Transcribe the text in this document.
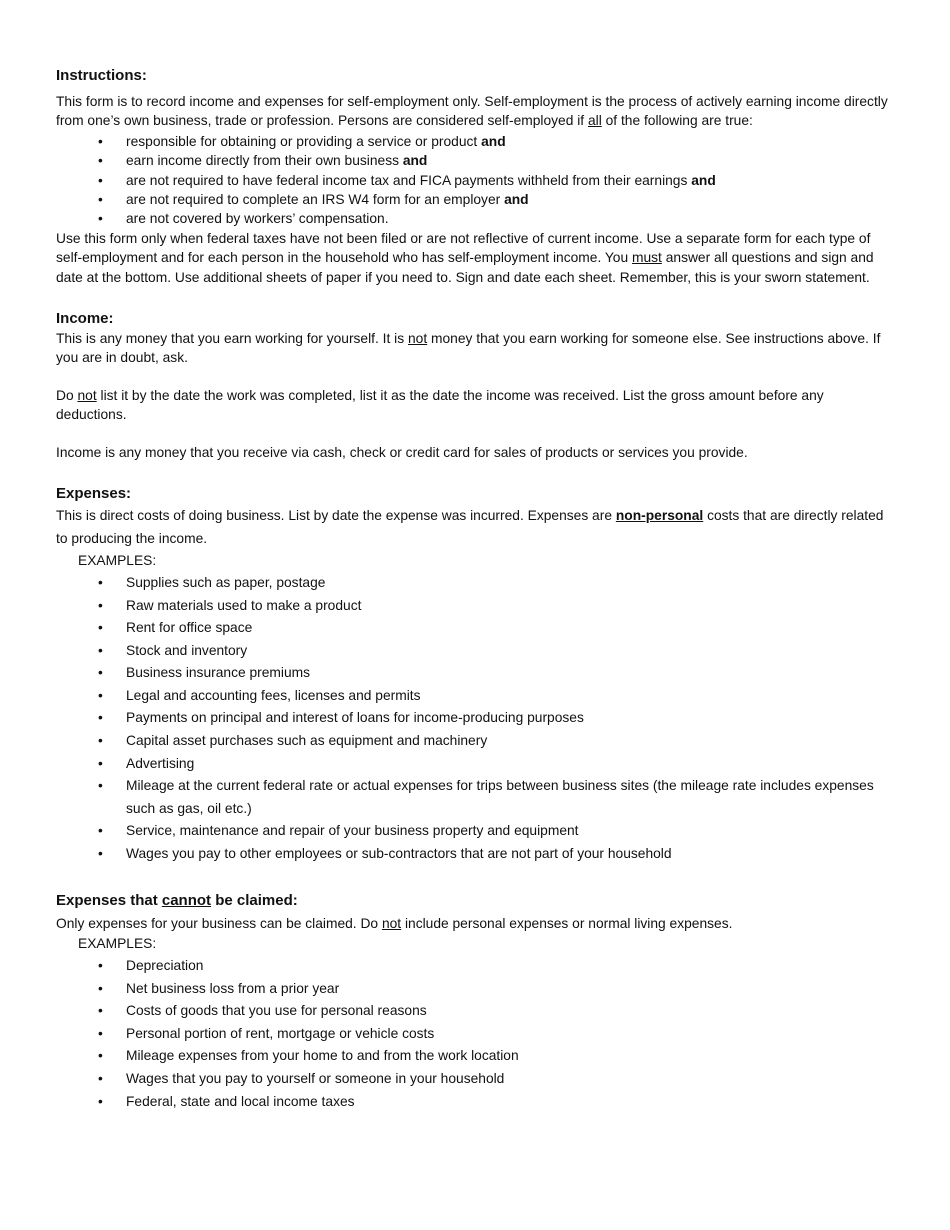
Instructions:

This form is to record income and expenses for self-employment only. Self-employment is the process of actively earning income directly from one’s own business, trade or profession. Persons are considered self-employed if all of the following are true:

• responsible for obtaining or providing a service or product and
• earn income directly from their own business and
• are not required to have federal income tax and FICA payments withheld from their earnings and
• are not required to complete an IRS W4 form for an employer and
• are not covered by workers’ compensation.

Use this form only when federal taxes have not been filed or are not reflective of current income. Use a separate form for each type of self-employment and for each person in the household who has self-employment income. You must answer all questions and sign and date at the bottom. Use additional sheets of paper if you need to. Sign and date each sheet. Remember, this is your sworn statement.

Income:

This is any money that you earn working for yourself. It is not money that you earn working for someone else. See instructions above. If you are in doubt, ask.

Do not list it by the date the work was completed, list it as the date the income was received. List the gross amount before any deductions.

Income is any money that you receive via cash, check or credit card for sales of products or services you provide.

Expenses:

This is direct costs of doing business. List by date the expense was incurred. Expenses are non-personal costs that are directly related to producing the income.

EXAMPLES:

• Supplies such as paper, postage
• Raw materials used to make a product
• Rent for office space
• Stock and inventory
• Business insurance premiums
• Legal and accounting fees, licenses and permits
• Payments on principal and interest of loans for income-producing purposes
• Capital asset purchases such as equipment and machinery
• Advertising
• Mileage at the current federal rate or actual expenses for trips between business sites (the mileage rate includes expenses such as gas, oil etc.)
• Service, maintenance and repair of your business property and equipment
• Wages you pay to other employees or sub-contractors that are not part of your household

Expenses that cannot be claimed:

Only expenses for your business can be claimed. Do not include personal expenses or normal living expenses.

EXAMPLES:

• Depreciation
• Net business loss from a prior year
• Costs of goods that you use for personal reasons
• Personal portion of rent, mortgage or vehicle costs
• Mileage expenses from your home to and from the work location
• Wages that you pay to yourself or someone in your household
• Federal, state and local income taxes
